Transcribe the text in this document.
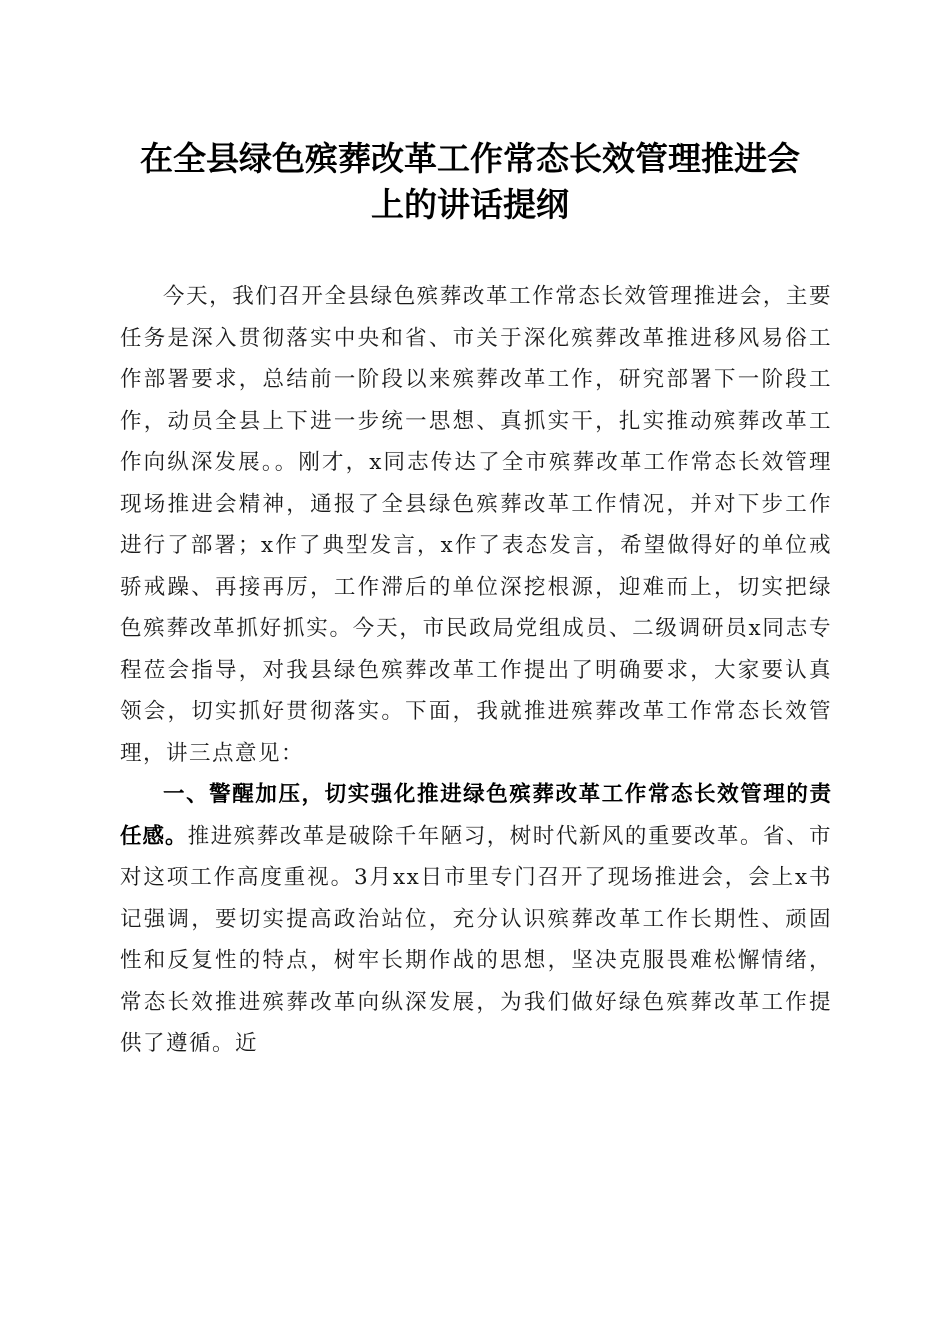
在全县绿色殡葬改革工作常态长效管理推进会
上的讲话提纲

今天，我们召开全县绿色殡葬改革工作常态长效管理推进会，主要任务是深入贯彻落实中央和省、市关于深化殡葬改革推进移风易俗工作部署要求，总结前一阶段以来殡葬改革工作，研究部署下一阶段工作，动员全县上下进一步统一思想、真抓实干，扎实推动殡葬改革工作向纵深发展。。刚才，x同志传达了全市殡葬改革工作常态长效管理现场推进会精神，通报了全县绿色殡葬改革工作情况，并对下步工作进行了部署；x作了典型发言，x作了表态发言，希望做得好的单位戒骄戒躁、再接再厉，工作滞后的单位深挖根源，迎难而上，切实把绿色殡葬改革抓好抓实。今天，市民政局党组成员、二级调研员x同志专程莅会指导，对我县绿色殡葬改革工作提出了明确要求，大家要认真领会，切实抓好贯彻落实。下面，我就推进殡葬改革工作常态长效管理，讲三点意见：

一、警醒加压，切实强化推进绿色殡葬改革工作常态长效管理的责任感。推进殡葬改革是破除千年陋习，树时代新风的重要改革。省、市对这项工作高度重视。3月xx日市里专门召开了现场推进会，会上x书记强调，要切实提高政治站位，充分认识殡葬改革工作长期性、顽固性和反复性的特点，树牢长期作战的思想，坚决克服畏难松懈情绪，常态长效推进殡葬改革向纵深发展，为我们做好绿色殡葬改革工作提供了遵循。近
